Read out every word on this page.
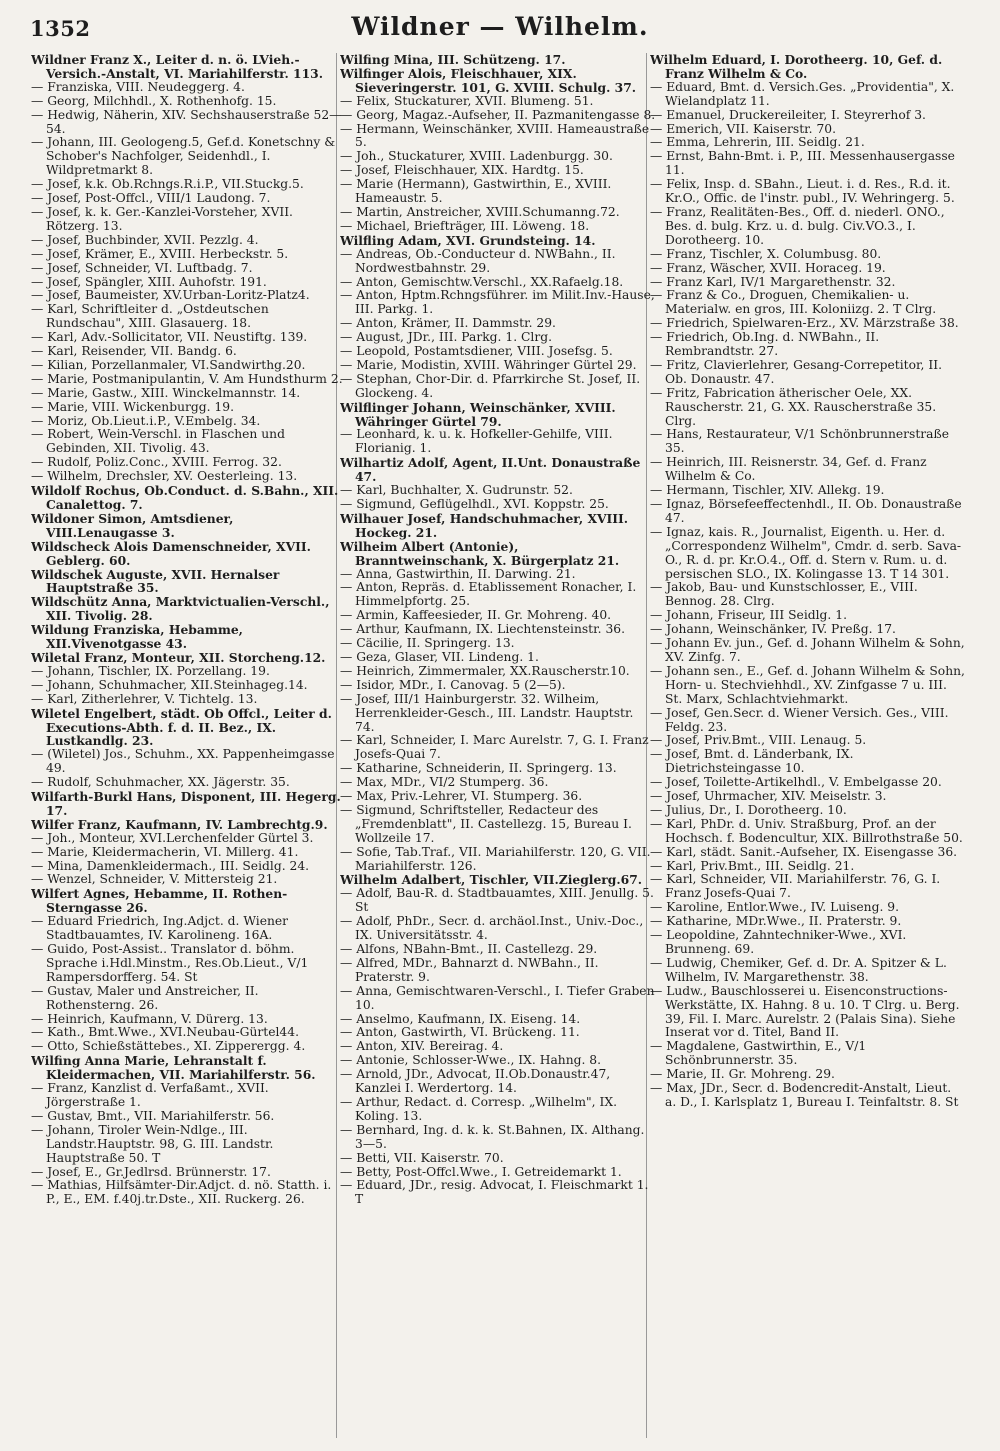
1352	Wildner — Wilhelm.

Wildner Franz X., Leiter d. n. ö. LVieh.-Versich.-Anstalt, VI. Mariahilferstr. 113.

— Franziska, VIII. Neudeggerg. 4.

— Georg, Milchhdl., X. Rothenhofg. 15.

— Hedwig, Näherin, XIV. Sechshauserstraße 52—54.

— Johann, III. Geologeng.5, Gef.d. Konetschny & Schober's Nachfolger, Seidenhdl., I. Wildpretmarkt 8.

— Josef, k.k. Ob.Rchngs.R.i.P., VII.Stuckg.5.

— Josef, Post-Offcl., VIII/1 Laudong. 7.

— Josef, k. k. Ger.-Kanzlei-Vorsteher, XVII. Rötzerg. 13.

— Josef, Buchbinder, XVII. Pezzlg. 4.

— Josef, Krämer, E., XVIII. Herbeckstr. 5.

— Josef, Schneider, VI. Luftbadg. 7.

— Josef, Spängler, XIII. Auhofstr. 191.

— Josef, Baumeister, XV.Urban-Loritz-Platz4.

— Karl, Schriftleiter d. „Ostdeutschen Rundschau", XIII. Glasauerg. 18.

— Karl, Adv.-Sollicitator, VII. Neustiftg. 139.

— Karl, Reisender, VII. Bandg. 6.

— Kilian, Porzellanmaler, VI.Sandwirthg.20.

— Marie, Postmanipulantin, V. Am Hundsthurm 2.

— Marie, Gastw., XIII. Winckelmannstr. 14.

— Marie, VIII. Wickenburgg. 19.

— Moriz, Ob.Lieut.i.P., V.Embelg. 34.

— Robert, Wein-Verschl. in Flaschen und Gebinden, XII. Tivolig. 43.

— Rudolf, Poliz.Conc., XVIII. Ferrog. 32.

— Wilhelm, Drechsler, XV. Oesterleing. 13.

Wildolf Rochus, Ob.Conduct. d. S.Bahn., XII. Canalettog. 7.

Wildoner Simon, Amtsdiener, VIII.Lenaugasse 3.

Wildscheck Alois Damenschneider, XVII. Geblerg. 60.

Wildschek Auguste, XVII. Hernalser Hauptstraße 35.

Wildschütz Anna, Marktvictualien-Verschl., XII. Tivolig. 28.

Wildung Franziska, Hebamme, XII.Vivenotgasse 43.

Wiletal Franz, Monteur, XII. Storcheng.12.

— Johann, Tischler, IX. Porzellang. 19.

— Johann, Schuhmacher, XII.Steinhageg.14.

— Karl, Zitherlehrer, V. Tichtelg. 13.

Wiletel Engelbert, städt. Ob Offcl., Leiter d. Executions-Abth. f. d. II. Bez., IX. Lustkandlg. 23.

— (Wiletel) Jos., Schuhm., XX. Pappenheimgasse 49.

— Rudolf, Schuhmacher, XX. Jägerstr. 35.

Wilfarth-Burkl Hans, Disponent, III. Hegerg. 17.

Wilfer Franz, Kaufmann, IV. Lambrechtg.9.

— Joh., Monteur, XVI.Lerchenfelder Gürtel 3.

— Marie, Kleidermacherin, VI. Millerg. 41.

— Mina, Damenkleidermach., III. Seidlg. 24.

— Wenzel, Schneider, V. Mittersteig 21.

Wilfert Agnes, Hebamme, II. Rothen-Sterngasse 26.

— Eduard Friedrich, Ing.Adjct. d. Wiener Stadtbauamtes, IV. Karolineng. 16A.

— Guido, Post-Assist.. Translator d. böhm. Sprache i.Hdl.Minstm., Res.Ob.Lieut., V/1 Rampersdorfferg. 54. St

— Gustav, Maler und Anstreicher, II. Rothensterng. 26.

— Heinrich, Kaufmann, V. Dürerg. 13.

— Kath., Bmt.Wwe., XVI.Neubau-Gürtel44.

— Otto, Schießstättebes., XI. Zipperergg. 4.

Wilfing Anna Marie, Lehranstalt f. Kleidermachen, VII. Mariahilferstr. 56.

— Franz, Kanzlist d. Verfaßamt., XVII. Jörgerstraße 1.

— Gustav, Bmt., VII. Mariahilferstr. 56.

— Johann, Tiroler Wein-Ndlge., III. Landstr.Hauptstr. 98, G. III. Landstr. Hauptstraße 50. T

— Josef, E., Gr.Jedlrsd. Brünnerstr. 17.

— Mathias, Hilfsämter-Dir.Adjct. d. nö. Statth. i. P., E., EM. f.40j.tr.Dste., XII. Ruckerg. 26.

Wilfing Mina, III. Schützeng. 17.

Wilfinger Alois, Fleischhauer, XIX. Sieveringerstr. 101, G. XVIII. Schulg. 37.

— Felix, Stuckaturer, XVII. Blumeng. 51.

— Georg, Magaz.-Aufseher, II. Pazmanitengasse 8.

— Hermann, Weinschänker, XVIII. Hameaustraße 5.

— Joh., Stuckaturer, XVIII. Ladenburgg. 30.

— Josef, Fleischhauer, XIX. Hardtg. 15.

— Marie (Hermann), Gastwirthin, E., XVIII. Hameaustr. 5.

— Martin, Anstreicher, XVIII.Schumanng.72.

— Michael, Briefträger, III. Löweng. 18.

Wilfling Adam, XVI. Grundsteing. 14.

— Andreas, Ob.-Conducteur d. NWBahn., II. Nordwestbahnstr. 29.

— Anton, Gemischtw.Verschl., XX.Rafaelg.18.

— Anton, Hptm.Rchngsführer. im Milit.Inv.-Hause, III. Parkg. 1.

— Anton, Krämer, II. Dammstr. 29.

— August, JDr., III. Parkg. 1. Clrg.

— Leopold, Postamtsdiener, VIII. Josefsg. 5.

— Marie, Modistin, XVIII. Währinger Gürtel 29.

— Stephan, Chor-Dir. d. Pfarrkirche St. Josef, II. Glockeng. 4.

Wilflinger Johann, Weinschänker, XVIII. Währinger Gürtel 79.

— Leonhard, k. u. k. Hofkeller-Gehilfe, VIII. Florianig. 1.

Wilhartiz Adolf, Agent, II.Unt. Donaustraße 47.

— Karl, Buchhalter, X. Gudrunstr. 52.

— Sigmund, Geflügelhdl., XVI. Koppstr. 25.

Wilhauer Josef, Handschuhmacher, XVIII. Hockeg. 21.

Wilheim Albert (Antonie), Branntweinschank, X. Bürgerplatz 21.

— Anna, Gastwirthin, II. Darwing. 21.

— Anton, Repräs. d. Etablissement Ronacher, I. Himmelpfortg. 25.

— Armin, Kaffeesieder, II. Gr. Mohreng. 40.

— Arthur, Kaufmann, IX. Liechtensteinstr. 36.

— Cäcilie, II. Springerg. 13.

— Geza, Glaser, VII. Lindeng. 1.

— Heinrich, Zimmermaler, XX.Rauscherstr.10.

— Isidor, MDr., I. Canovag. 5 (2—5).

— Josef, III/1 Hainburgerstr. 32. Wilheim, Herrenkleider-Gesch., III. Landstr. Hauptstr. 74.

— Karl, Schneider, I. Marc Aurelstr. 7, G. I. Franz Josefs-Quai 7.

— Katharine, Schneiderin, II. Springerg. 13.

— Max, MDr., VI/2 Stumperg. 36.

— Max, Priv.-Lehrer, VI. Stumperg. 36.

— Sigmund, Schriftsteller, Redacteur des „Fremdenblatt", II. Castellezg. 15, Bureau I. Wollzeile 17.

— Sofie, Tab.Traf., VII. Mariahilferstr. 120, G. VII. Mariahilferstr. 126.

Wilhelm Adalbert, Tischler, VII.Zieglerg.67.

— Adolf, Bau-R. d. Stadtbauamtes, XIII. Jenullg. 5. St

— Adolf, PhDr., Secr. d. archäol.Inst., Univ.-Doc., IX. Universitätsstr. 4.

— Alfons, NBahn-Bmt., II. Castellezg. 29.

— Alfred, MDr., Bahnarzt d. NWBahn., II. Praterstr. 9.

— Anna, Gemischtwaren-Verschl., I. Tiefer Graben 10.

— Anselmo, Kaufmann, IX. Eiseng. 14.

— Anton, Gastwirth, VI. Brückeng. 11.

— Anton, XIV. Bereirag. 4.

— Antonie, Schlosser-Wwe., IX. Hahng. 8.

— Arnold, JDr., Advocat, II.Ob.Donaustr.47, Kanzlei I. Werdertorg. 14.

— Arthur, Redact. d. Corresp. „Wilhelm", IX. Koling. 13.

— Bernhard, Ing. d. k. k. St.Bahnen, IX. Althang. 3—5.

— Betti, VII. Kaiserstr. 70.

— Betty, Post-Offcl.Wwe., I. Getreidemarkt 1.

— Eduard, JDr., resig. Advocat, I. Fleischmarkt 1. T

Wilhelm Eduard, I. Dorotheerg. 10, Gef. d. Franz Wilhelm & Co.

— Eduard, Bmt. d. Versich.Ges. „Providentia", X. Wielandplatz 11.

— Emanuel, Druckereileiter, I. Steyrerhof 3.

— Emerich, VII. Kaiserstr. 70.

— Emma, Lehrerin, III. Seidlg. 21.

— Ernst, Bahn-Bmt. i. P., III. Messenhausergasse 11.

— Felix, Insp. d. SBahn., Lieut. i. d. Res., R.d. it. Kr.O., Offic. de l'instr. publ., IV. Wehringerg. 5.

— Franz, Realitäten-Bes., Off. d. niederl. ONO., Bes. d. bulg. Krz. u. d. bulg. Civ.VO.3., I. Dorotheerg. 10.

— Franz, Tischler, X. Columbusg. 80.

— Franz, Wäscher, XVII. Horaceg. 19.

— Franz Karl, IV/1 Margarethenstr. 32.

— Franz & Co., Droguen, Chemikalien- u. Materialw. en gros, III. Koloniizg. 2. T Clrg.

— Friedrich, Spielwaren-Erz., XV. Märzstraße 38.

— Friedrich, Ob.Ing. d. NWBahn., II. Rembrandtstr. 27.

— Fritz, Clavierlehrer, Gesang-Correpetitor, II. Ob. Donaustr. 47.

— Fritz, Fabrication ätherischer Oele, XX. Rauscherstr. 21, G. XX. Rauscherstraße 35. Clrg.

— Hans, Restaurateur, V/1 Schönbrunnerstraße 35.

— Heinrich, III. Reisnerstr. 34, Gef. d. Franz Wilhelm & Co.

— Hermann, Tischler, XIV. Allekg. 19.

— Ignaz, Börsefeeffectenhdl., II. Ob. Donaustraße 47.

— Ignaz, kais. R., Journalist, Eigenth. u. Her. d. „Correspondenz Wilhelm", Cmdr. d. serb. Sava-O., R. d. pr. Kr.O.4., Off. d. Stern v. Rum. u. d. persischen SLO., IX. Kolingasse 13. T 14 301.

— Jakob, Bau- und Kunstschlosser, E., VIII. Bennog. 28. Clrg.

— Johann, Friseur, III Seidlg. 1.

— Johann, Weinschänker, IV. Preßg. 17.

— Johann Ev. jun., Gef. d. Johann Wilhelm & Sohn, XV. Zinfg. 7.

— Johann sen., E., Gef. d. Johann Wilhelm & Sohn, Horn- u. Stechviehhdl., XV. Zinfgasse 7 u. III. St. Marx, Schlachtviehmarkt.

— Josef, Gen.Secr. d. Wiener Versich. Ges., VIII. Feldg. 23.

— Josef, Priv.Bmt., VIII. Lenaug. 5.

— Josef, Bmt. d. Länderbank, IX. Dietrichsteingasse 10.

— Josef, Toilette-Artikelhdl., V. Embelgasse 20.

— Josef, Uhrmacher, XIV. Meiselstr. 3.

— Julius, Dr., I. Dorotheerg. 10.

— Karl, PhDr. d. Univ. Straßburg, Prof. an der Hochsch. f. Bodencultur, XIX. Billrothstraße 50.

— Karl, städt. Sanit.-Aufseher, IX. Eisengasse 36.

— Karl, Priv.Bmt., III. Seidlg. 21.

— Karl, Schneider, VII. Mariahilferstr. 76, G. I. Franz Josefs-Quai 7.

— Karoline, Entlor.Wwe., IV. Luiseng. 9.

— Katharine, MDr.Wwe., II. Praterstr. 9.

— Leopoldine, Zahntechniker-Wwe., XVI. Brunneng. 69.

— Ludwig, Chemiker, Gef. d. Dr. A. Spitzer & L. Wilhelm, IV. Margarethenstr. 38.

— Ludw., Bauschlosserei u. Eisenconstructions-Werkstätte, IX. Hahng. 8 u. 10. T Clrg. u. Berg. 39, Fil. I. Marc. Aurelstr. 2 (Palais Sina). Siehe Inserat vor d. Titel, Band II.

— Magdalene, Gastwirthin, E., V/1 Schönbrunnerstr. 35.

— Marie, II. Gr. Mohreng. 29.

— Max, JDr., Secr. d. Bodencredit-Anstalt, Lieut. a. D., I. Karlsplatz 1, Bureau I. Teinfaltstr. 8. St
